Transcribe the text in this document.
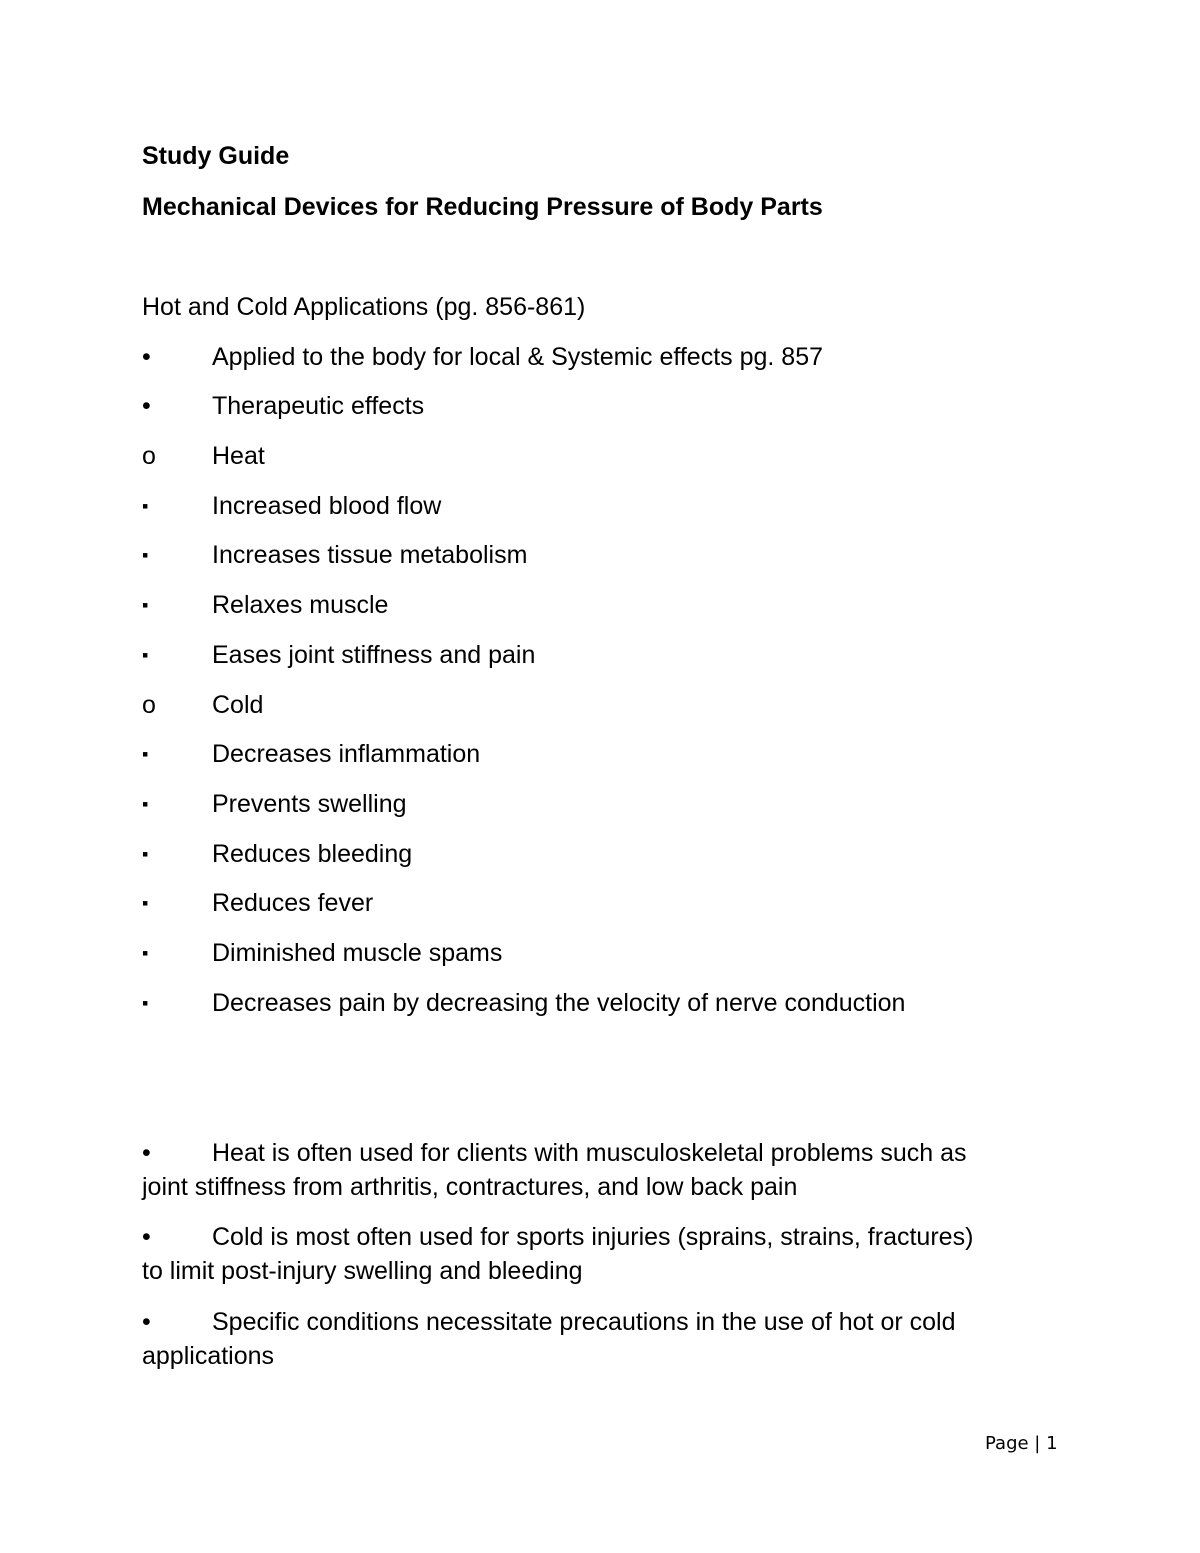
Study Guide
Mechanical Devices for Reducing Pressure of Body Parts
Hot and Cold Applications (pg. 856-861)
•	Applied to the body for local & Systemic effects pg. 857
•	Therapeutic effects
o	Heat
▪	Increased blood flow
▪	Increases tissue metabolism
▪	Relaxes muscle
▪	Eases joint stiffness and pain
o	Cold
▪	Decreases inflammation
▪	Prevents swelling
▪	Reduces bleeding
▪	Reduces fever
▪	Diminished muscle spams
▪	Decreases pain by decreasing the velocity of nerve conduction
• Heat is often used for clients with musculoskeletal problems such as
joint stiffness from arthritis, contractures, and low back pain
• Cold is most often used for sports injuries (sprains, strains, fractures)
to limit post-injury swelling and bleeding
• Specific conditions necessitate precautions in the use of hot or cold
applications
Page | 1
